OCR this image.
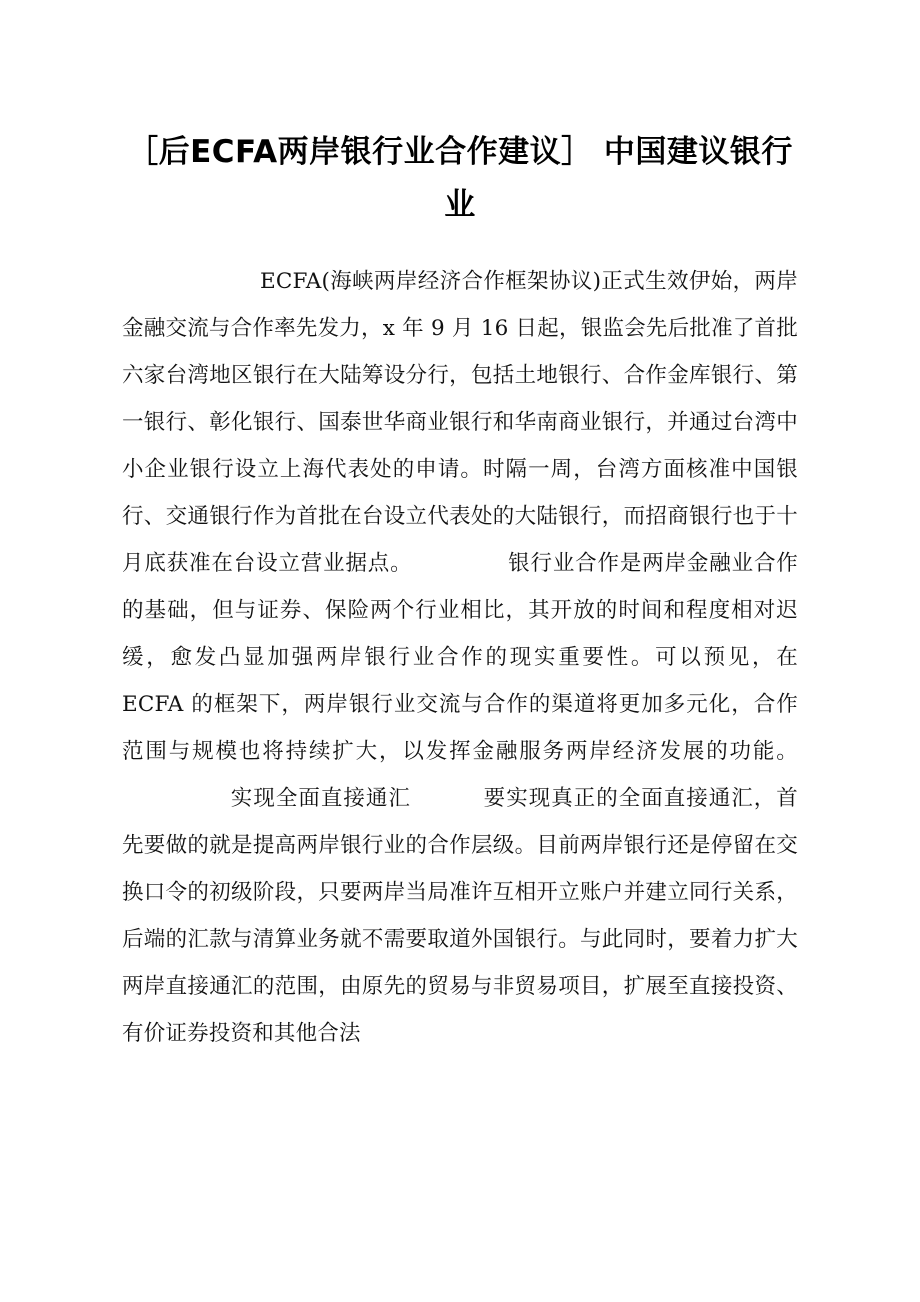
［后ECFA两岸银行业合作建议］ 中国建议银行业

ECFA(海峡两岸经济合作框架协议)正式生效伊始，两岸金融交流与合作率先发力，x 年 9 月 16 日起，银监会先后批准了首批六家台湾地区银行在大陆筹设分行，包括土地银行、合作金库银行、第一银行、彰化银行、国泰世华商业银行和华南商业银行，并通过台湾中小企业银行设立上海代表处的申请。时隔一周，台湾方面核准中国银行、交通银行作为首批在台设立代表处的大陆银行，而招商银行也于十月底获准在台设立营业据点。	银行业合作是两岸金融业合作的基础，但与证券、保险两个行业相比，其开放的时间和程度相对迟缓，愈发凸显加强两岸银行业合作的现实重要性。可以预见，在 ECFA 的框架下，两岸银行业交流与合作的渠道将更加多元化，合作范围与规模也将持续扩大，以发挥金融服务两岸经济发展的功能。实现全面直接通汇	要实现真正的全面直接通汇，首先要做的就是提高两岸银行业的合作层级。目前两岸银行还是停留在交换口令的初级阶段，只要两岸当局准许互相开立账户并建立同行关系，后端的汇款与清算业务就不需要取道外国银行。与此同时，要着力扩大两岸直接通汇的范围，由原先的贸易与非贸易项目，扩展至直接投资、有价证券投资和其他合法
